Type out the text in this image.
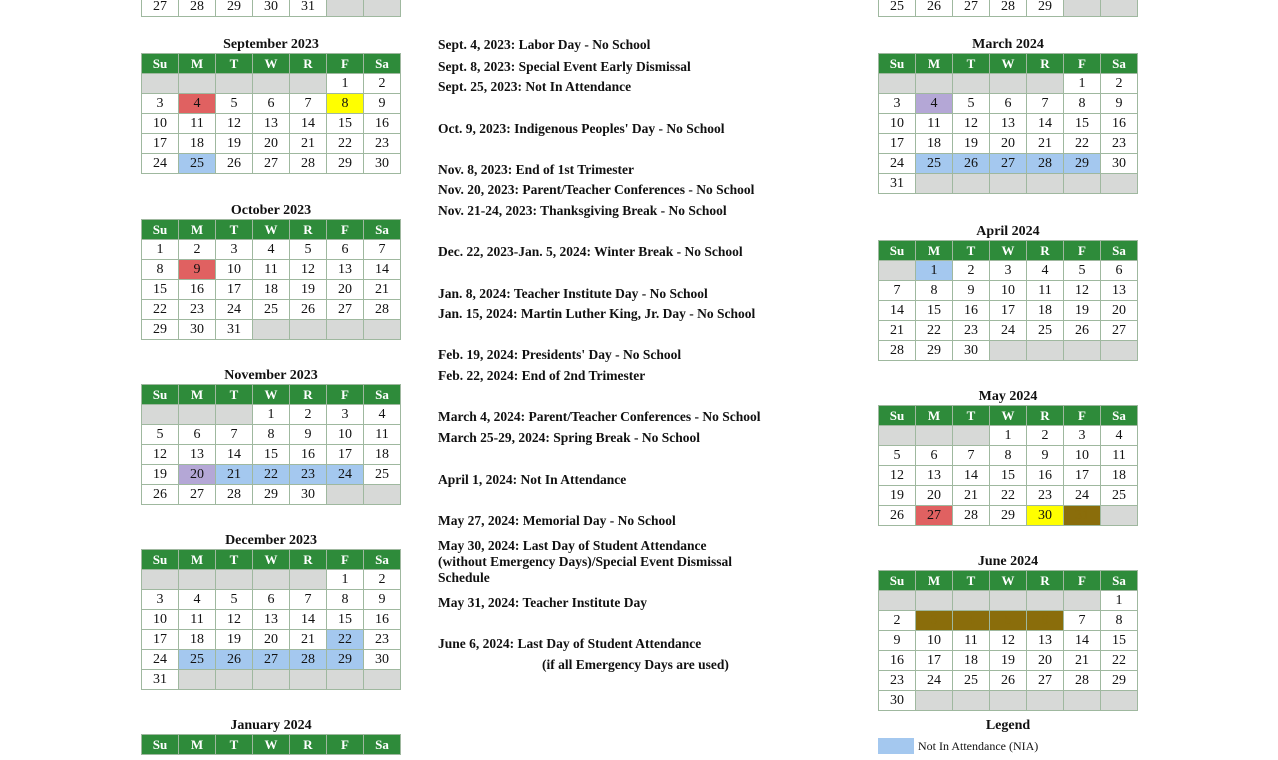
27	28	29	30	31		
September 2023
Su	M	T	W	R	F	Sa
					1	2
3	4	5	6	7	8	9
10	11	12	13	14	15	16
17	18	19	20	21	22	23
24	25	26	27	28	29	30
October 2023
Su	M	T	W	R	F	Sa
1	2	3	4	5	6	7
8	9	10	11	12	13	14
15	16	17	18	19	20	21
22	23	24	25	26	27	28
29	30	31				
November 2023
Su	M	T	W	R	F	Sa
			1	2	3	4
5	6	7	8	9	10	11
12	13	14	15	16	17	18
19	20	21	22	23	24	25
26	27	28	29	30		
December 2023
Su	M	T	W	R	F	Sa
					1	2
3	4	5	6	7	8	9
10	11	12	13	14	15	16
17	18	19	20	21	22	23
24	25	26	27	28	29	30
31						
January 2024
Su	M	T	W	R	F	Sa
25	26	27	28	29		
March 2024
Su	M	T	W	R	F	Sa
					1	2
3	4	5	6	7	8	9
10	11	12	13	14	15	16
17	18	19	20	21	22	23
24	25	26	27	28	29	30
31						
April 2024
Su	M	T	W	R	F	Sa
	1	2	3	4	5	6
7	8	9	10	11	12	13
14	15	16	17	18	19	20
21	22	23	24	25	26	27
28	29	30				
May 2024
Su	M	T	W	R	F	Sa
			1	2	3	4
5	6	7	8	9	10	11
12	13	14	15	16	17	18
19	20	21	22	23	24	25
26	27	28	29	30	31	
June 2024
Su	M	T	W	R	F	Sa
						1
2	3	4	5	6	7	8
9	10	11	12	13	14	15
16	17	18	19	20	21	22
23	24	25	26	27	28	29
30						
Sept. 4, 2023: Labor Day - No School
Sept. 8, 2023: Special Event Early Dismissal
Sept. 25, 2023: Not In Attendance
Oct. 9, 2023: Indigenous Peoples' Day - No School
Nov. 8, 2023: End of 1st Trimester
Nov. 20, 2023: Parent/Teacher Conferences - No School
Nov. 21-24, 2023: Thanksgiving Break - No School
Dec. 22, 2023-Jan. 5, 2024: Winter Break - No School
Jan. 8, 2024: Teacher Institute Day - No School
Jan. 15, 2024: Martin Luther King, Jr. Day - No School
Feb. 19, 2024: Presidents' Day - No School
Feb. 22, 2024: End of 2nd Trimester
March 4, 2024: Parent/Teacher Conferences - No School
March 25-29, 2024: Spring Break - No School
April 1, 2024: Not In Attendance
May 27, 2024: Memorial Day - No School
May 30, 2024: Last Day of Student Attendance
(without Emergency Days)/Special Event Dismissal
Schedule
May 31, 2024: Teacher Institute Day
June 6, 2024: Last Day of Student Attendance
(if all Emergency Days are used)
Legend
Not In Attendance (NIA)
